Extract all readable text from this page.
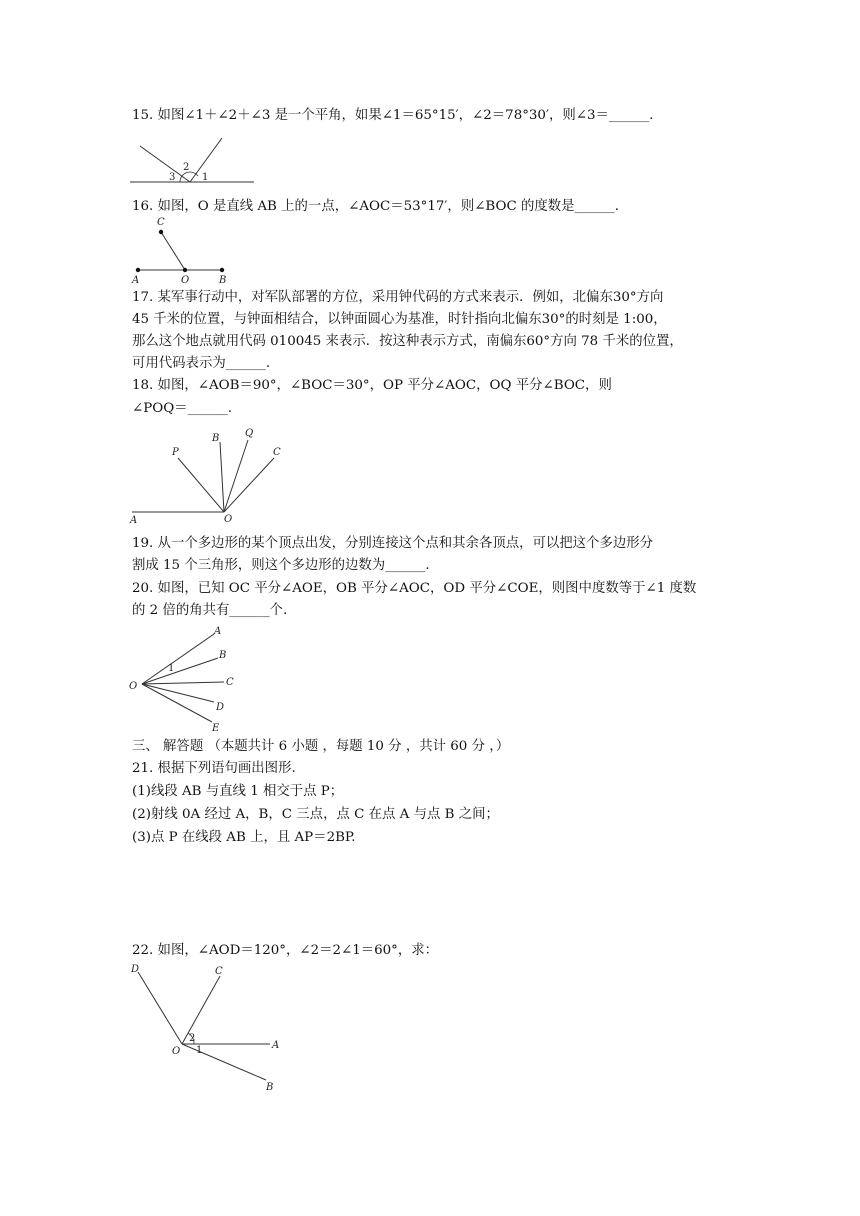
15. 如图∠1＋∠2＋∠3 是一个平角，如果∠1＝65°15′，∠2＝78°30′，则∠3＝______.
3
2
1
16. 如图，O 是直线 AB 上的一点，∠AOC＝53°17′，则∠BOC 的度数是______.
C
A	O	B
17. 某军事行动中，对军队部署的方位，采用钟代码的方式来表示．例如，北偏东30°方向
45 千米的位置，与钟面相结合，以钟面圆心为基准，时针指向北偏东30°的时刻是 1:00，
那么这个地点就用代码 010045 来表示．按这种表示方式，南偏东60°方向 78 千米的位置，
可用代码表示为______.
18. 如图，∠AOB＝90°，∠BOC＝30°，OP 平分∠AOC，OQ 平分∠BOC，则
∠POQ＝______.
B	Q
P	C
A	O
19. 从一个多边形的某个顶点出发，分别连接这个点和其余各顶点，可以把这个多边形分
割成 15 个三角形，则这个多边形的边数为______.
20. 如图，已知 OC 平分∠AOE，OB 平分∠AOC，OD 平分∠COE，则图中度数等于∠1 度数
的 2 倍的角共有______个.
A
1
B
O	C
D
E
三、 解答题 （本题共计 6 小题 ，每题 10 分 ，共计 60 分 ，）
21. 根据下列语句画出图形.
(1)线段 AB 与直线 1 相交于点 P；
(2)射线 0A 经过 A，B，C 三点，点 C 在点 A 与点 B 之间；
(3)点 P 在线段 AB 上，且 AP＝2BP.
22. 如图，∠AOD＝120°，∠2＝2∠1＝60°，求：
D	C
2
O 1	A
B
